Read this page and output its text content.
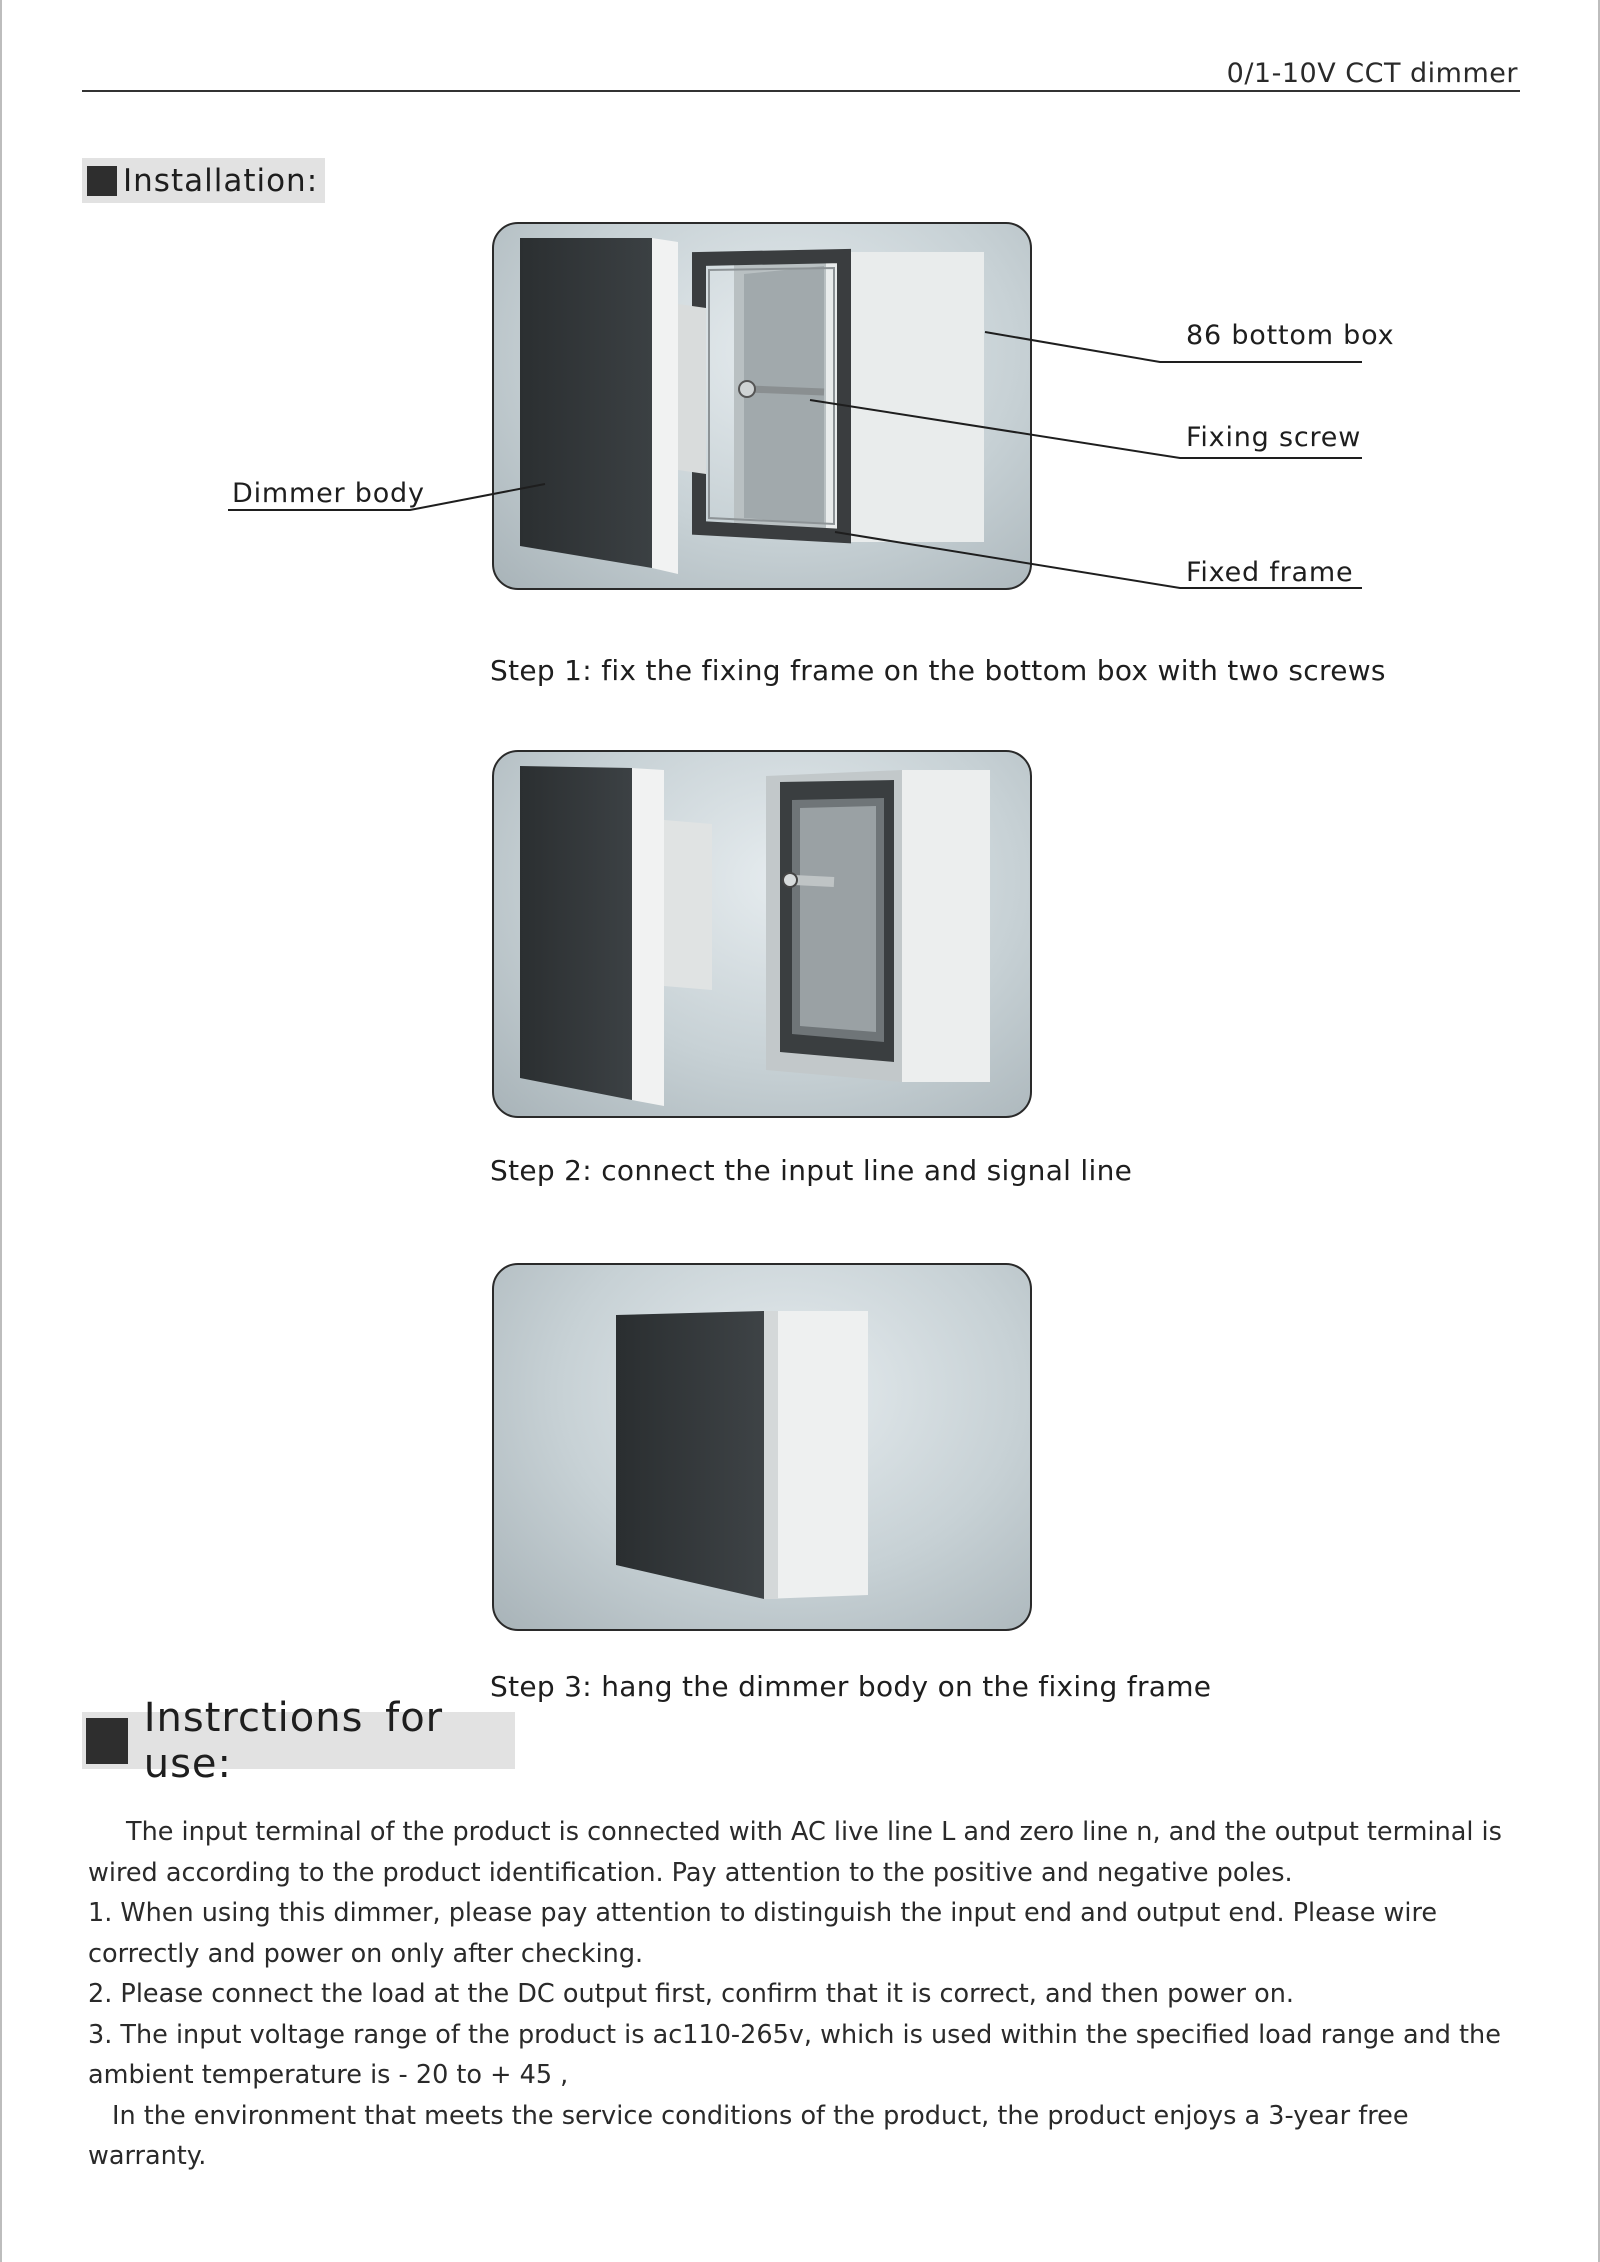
0/1-10V CCT dimmer
Installation:
Step 1: fix the fixing frame on the bottom box with two screws
Step 2: connect the input line and signal line
Step 3: hang the dimmer body on the fixing frame
86 bottom box
Fixing screw
Fixed frame
Dimmer body
Instrctions for use:

The input terminal of the product is connected with AC live line L and zero line n, and the output terminal is wired according to the product identification. Pay attention to the positive and negative poles.

1. When using this dimmer, please pay attention to distinguish the input end and output end. Please wire correctly and power on only after checking.

2. Please connect the load at the DC output first, confirm that it is correct, and then power on.

3. The input voltage range of the product is ac110-265v, which is used within the specified load range and the ambient temperature is - 20 to + 45 ,

In the environment that meets the service conditions of the product, the product enjoys a 3-year free warranty.
